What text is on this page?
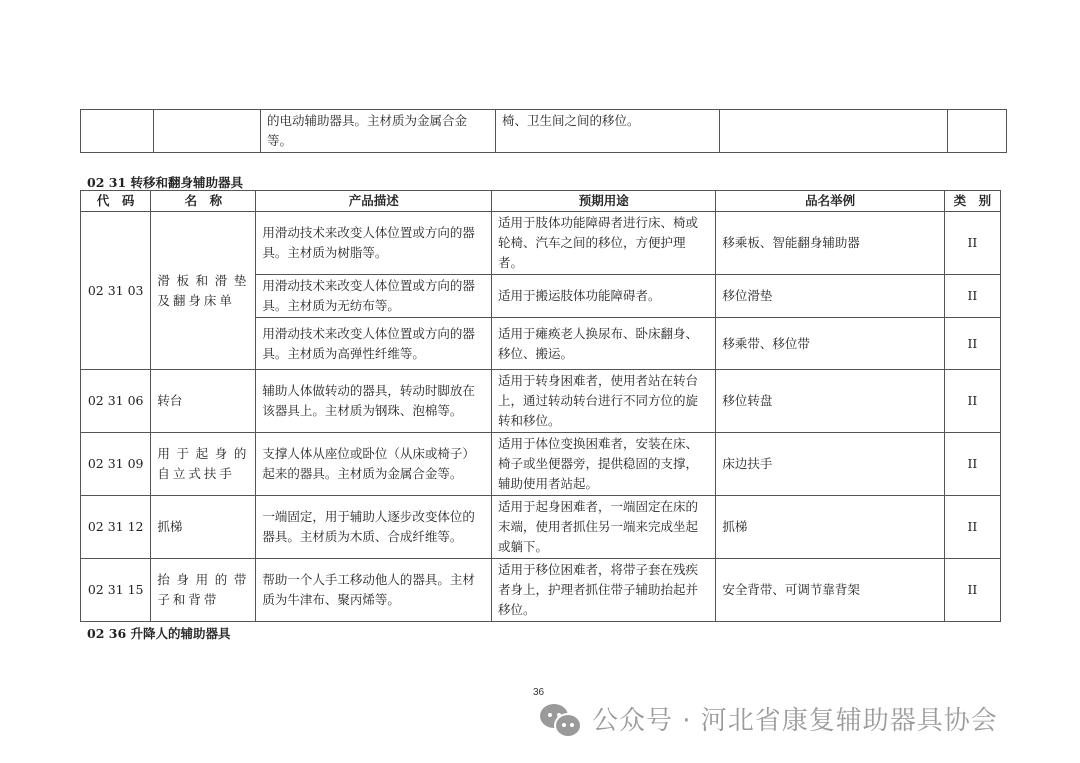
		的电动辅助器具。主材质为金属合金等。	椅、卫生间之间的移位。		
02 31 转移和翻身辅助器具
代　码	名　称	产品描述	预期用途	品名举例	类　别
02 31 03	滑板和滑垫及翻身床单	用滑动技术来改变人体位置或方向的器具。主材质为树脂等。	适用于肢体功能障碍者进行床、椅或轮椅、汽车之间的移位，方便护理者。	移乘板、智能翻身辅助器	II
		用滑动技术来改变人体位置或方向的器具。主材质为无纺布等。	适用于搬运肢体功能障碍者。	移位滑垫	II
		用滑动技术来改变人体位置或方向的器具。主材质为高弹性纤维等。	适用于瘫痪老人换尿布、卧床翻身、移位、搬运。	移乘带、移位带	II
02 31 06	转台	辅助人体做转动的器具，转动时脚放在该器具上。主材质为钢珠、泡棉等。	适用于转身困难者，使用者站在转台上，通过转动转台进行不同方位的旋转和移位。	移位转盘	II
02 31 09	用于起身的自立式扶手	支撑人体从座位或卧位（从床或椅子）起来的器具。主材质为金属合金等。	适用于体位变换困难者，安装在床、椅子或坐便器旁，提供稳固的支撑，辅助使用者站起。	床边扶手	II
02 31 12	抓梯	一端固定，用于辅助人逐步改变体位的器具。主材质为木质、合成纤维等。	适用于起身困难者，一端固定在床的末端，使用者抓住另一端来完成坐起或躺下。	抓梯	II
02 31 15	抬身用的带子和背带	帮助一个人手工移动他人的器具。主材质为牛津布、聚丙烯等。	适用于移位困难者，将带子套在残疾者身上，护理者抓住带子辅助抬起并移位。	安全背带、可调节靠背架	II
02 36 升降人的辅助器具
36
公众号 · 河北省康复辅助器具协会
